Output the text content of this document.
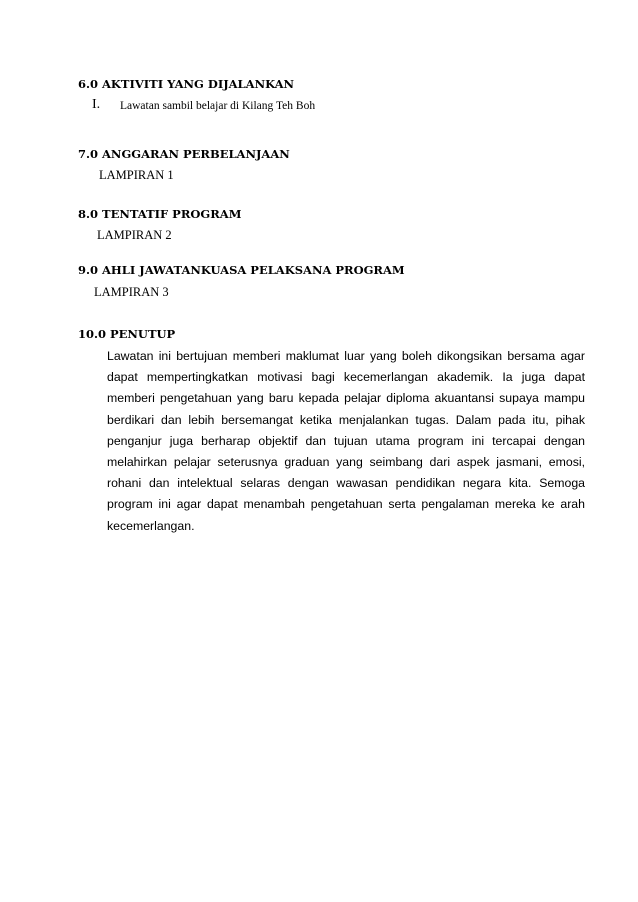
6.0 AKTIVITI YANG DIJALANKAN
I. Lawatan sambil belajar di Kilang Teh Boh
7.0 ANGGARAN PERBELANJAAN
LAMPIRAN 1
8.0 TENTATIF PROGRAM
LAMPIRAN 2
9.0 AHLI JAWATANKUASA PELAKSANA PROGRAM
LAMPIRAN 3
10.0 PENUTUP

Lawatan ini bertujuan memberi maklumat luar yang boleh dikongsikan bersama agar dapat mempertingkatkan motivasi bagi kecemerlangan akademik. Ia juga dapat memberi pengetahuan yang baru kepada pelajar diploma akuantansi supaya mampu berdikari dan lebih bersemangat ketika menjalankan tugas. Dalam pada itu, pihak penganjur juga berharap objektif dan tujuan utama program ini tercapai dengan melahirkan pelajar seterusnya graduan yang seimbang dari aspek jasmani, emosi, rohani dan intelektual selaras dengan wawasan pendidikan negara kita. Semoga program ini agar dapat menambah pengetahuan serta pengalaman mereka ke arah kecemerlangan.
